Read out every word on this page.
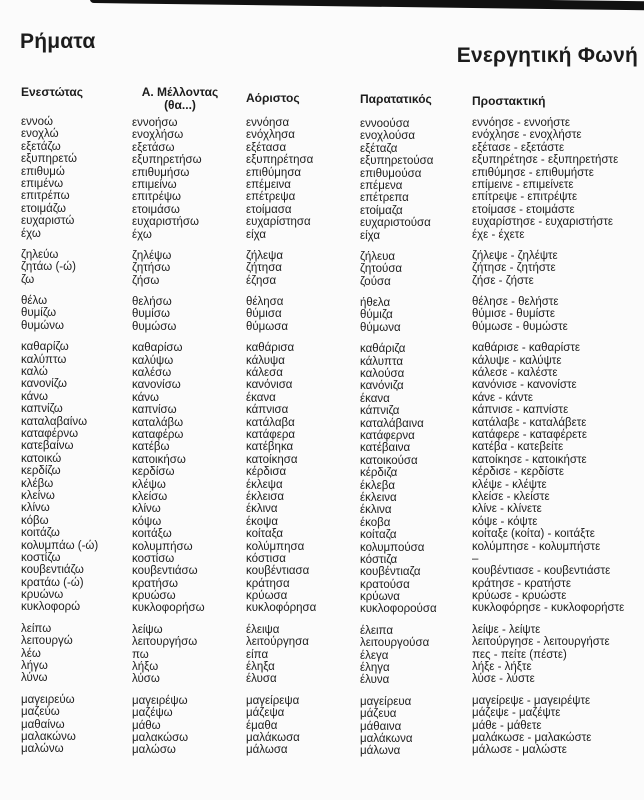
Ρήματα
Ενεργητική Φωνή
Ενεστώτας
εννοώ
ενοχλώ
εξετάζω
εξυπηρετώ
επιθυμώ
επιμένω
επιτρέπω
ετοιμάζω
ευχαριστώ
έχω
ζηλεύω
ζητάω (-ώ)
ζω
θέλω
θυμίζω
θυμώνω
καθαρίζω
καλύπτω
καλώ
κανονίζω
κάνω
καπνίζω
καταλαβαίνω
καταφέρνω
κατεβαίνω
κατοικώ
κερδίζω
κλέβω
κλείνω
κλίνω
κόβω
κοιτάζω
κολυμπάω (-ώ)
κοστίζω
κουβεντιάζω
κρατάω (-ώ)
κρυώνω
κυκλοφορώ
λείπω
λειτουργώ
λέω
λήγω
λύνω
μαγειρεύω
μαζεύω
μαθαίνω
μαλακώνω
μαλώνω
Α. Μέλλοντας (θα...)
εννοήσω
ενοχλήσω
εξετάσω
εξυπηρετήσω
επιθυμήσω
επιμείνω
επιτρέψω
ετοιμάσω
ευχαριστήσω
έχω
ζηλέψω
ζητήσω
ζήσω
θελήσω
θυμίσω
θυμώσω
καθαρίσω
καλύψω
καλέσω
κανονίσω
κάνω
καπνίσω
καταλάβω
καταφέρω
κατέβω
κατοικήσω
κερδίσω
κλέψω
κλείσω
κλίνω
κόψω
κοιτάξω
κολυμπήσω
κοστίσω
κουβεντιάσω
κρατήσω
κρυώσω
κυκλοφορήσω
λείψω
λειτουργήσω
πω
λήξω
λύσω
μαγειρέψω
μαζέψω
μάθω
μαλακώσω
μαλώσω
Αόριστος
εννόησα
ενόχλησα
εξέτασα
εξυπηρέτησα
επιθύμησα
επέμεινα
επέτρεψα
ετοίμασα
ευχαρίστησα
είχα
ζήλεψα
ζήτησα
έζησα
θέλησα
θύμισα
θύμωσα
καθάρισα
κάλυψα
κάλεσα
κανόνισα
έκανα
κάπνισα
κατάλαβα
κατάφερα
κατέβηκα
κατοίκησα
κέρδισα
έκλεψα
έκλεισα
έκλινα
έκοψα
κοίταξα
κολύμπησα
κόστισα
κουβέντιασα
κράτησα
κρύωσα
κυκλοφόρησα
έλειψα
λειτούργησα
είπα
έληξα
έλυσα
μαγείρεψα
μάζεψα
έμαθα
μαλάκωσα
μάλωσα
Παρατατικός
εννοούσα
ενοχλούσα
εξέταζα
εξυπηρετούσα
επιθυμούσα
επέμενα
επέτρεπα
ετοίμαζα
ευχαριστούσα
είχα
ζήλευα
ζητούσα
ζούσα
ήθελα
θύμιζα
θύμωνα
καθάριζα
κάλυπτα
καλούσα
κανόνιζα
έκανα
κάπνιζα
καταλάβαινα
κατάφερνα
κατέβαινα
κατοικούσα
κέρδιζα
έκλεβα
έκλεινα
έκλινα
έκοβα
κοίταζα
κολυμπούσα
κόστιζα
κουβέντιαζα
κρατούσα
κρύωνα
κυκλοφορούσα
έλειπα
λειτουργούσα
έλεγα
έληγα
έλυνα
μαγείρευα
μάζευα
μάθαινα
μαλάκωνα
μάλωνα
Προστακτική
εννόησε - εννοήστε
ενόχλησε - ενοχλήστε
εξέτασε - εξετάστε
εξυπηρέτησε - εξυπηρετήστε
επιθύμησε - επιθυμήστε
επίμεινε - επιμείνετε
επίτρεψε - επιτρέψτε
ετοίμασε - ετοιμάστε
ευχαρίστησε - ευχαριστήστε
έχε - έχετε
ζήλεψε - ζηλέψτε
ζήτησε - ζητήστε
ζήσε - ζήστε
θέλησε - θελήστε
θύμισε - θυμίστε
θύμωσε - θυμώστε
καθάρισε - καθαρίστε
κάλυψε - καλύψτε
κάλεσε - καλέστε
κανόνισε - κανονίστε
κάνε - κάντε
κάπνισε - καπνίστε
κατάλαβε - καταλάβετε
κατάφερε - καταφέρετε
κατέβα - κατεβείτε
κατοίκησε - κατοικήστε
κέρδισε - κερδίστε
κλέψε - κλέψτε
κλείσε - κλείστε
κλίνε - κλίνετε
κόψε - κόψτε
κοίταξε (κοίτα) - κοιτάξτε
κολύμπησε - κολυμπήστε
–
κουβέντιασε - κουβεντιάστε
κράτησε - κρατήστε
κρύωσε - κρυώστε
κυκλοφόρησε - κυκλοφορήστε
λείψε - λείψτε
λειτούργησε - λειτουργήστε
πες - πείτε (πέστε)
λήξε - λήξτε
λύσε - λύστε
μαγείρεψε - μαγειρέψτε
μάζεψε - μαζέψτε
μάθε - μάθετε
μαλάκωσε - μαλακώστε
μάλωσε - μαλώστε
